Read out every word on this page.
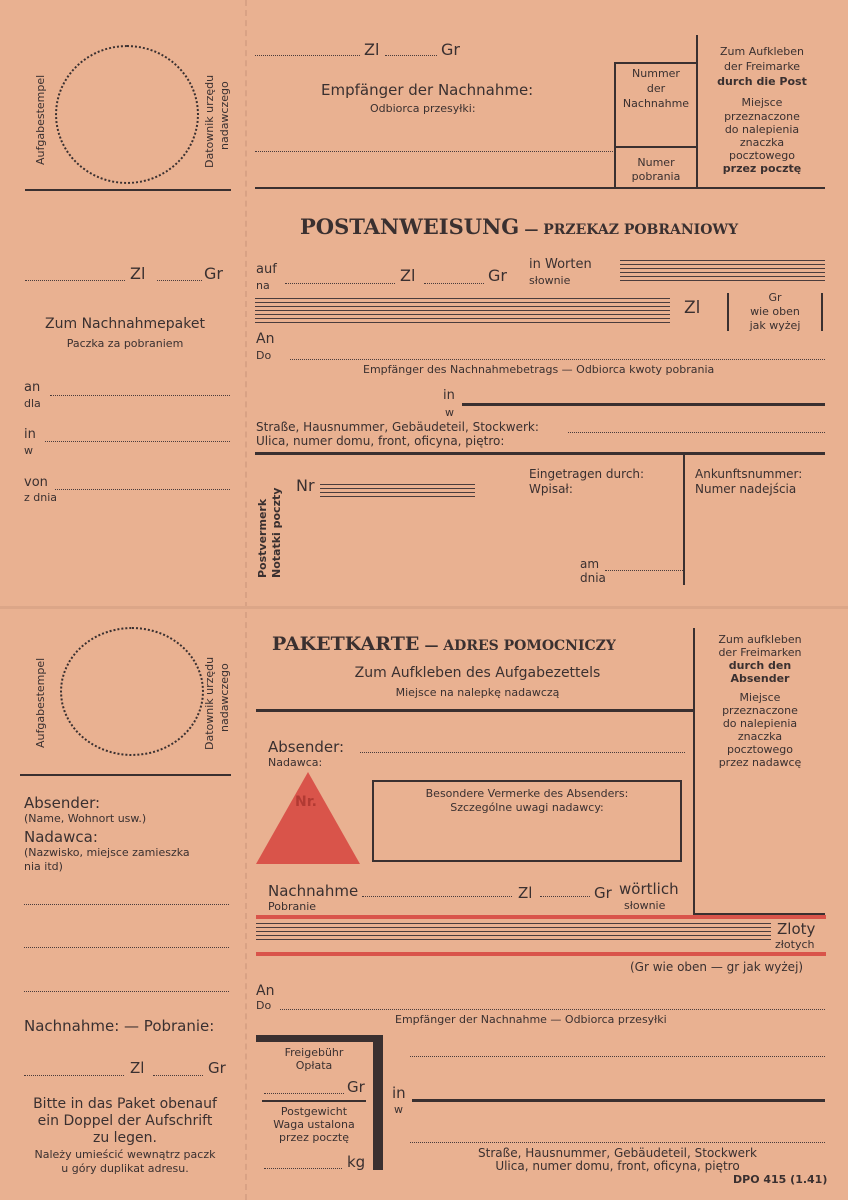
Aufgabestempel	Datownik urzędu nadawczego
Zl	Gr
Zum Nachnahmepaket
Paczka za pobraniem
an
dla
in
w
von
z dnia
Zl	Gr
Empfänger der Nachnahme:
Odbiorca przesyłki:
Nummer
der
Nachnahme
Numer
pobrania
Zum Aufkleben
der Freimarke
durch die Post
Miejsce
przeznaczone
do nalepienia
znaczka
pocztowego
przez pocztę
POSTANWEISUNG — PRZEKAZ POBRANIOWY
auf
na
Zl	Gr
in Worten
słownie
Zl
Gr
wie oben
jak wyżej
An
Do
Empfänger des Nachnahmebetrags — Odbiorca kwoty pobrania
in
w
Straße, Hausnummer, Gebäudeteil, Stockwerk:
Ulica, numer domu, front, oficyna, piętro:
Postvermerk Notatki poczty
Nr
Eingetragen durch:
Wpisał:
am
dnia
Ankunftsnummer:
Numer nadejścia
Aufgabestempel	Datownik urzędu nadawczego
Absender:
(Name, Wohnort usw.)
Nadawca:
(Nazwisko, miejsce zamieszka
nia itd)
Nachnahme: — Pobranie:
Zl	Gr
Bitte in das Paket obenauf
ein Doppel der Aufschrift
zu legen.
Należy umieścić wewnątrz paczk
u góry duplikat adresu.
PAKETKARTE — ADRES POMOCNICZY
Zum Aufkleben des Aufgabezettels
Miejsce na nalepkę nadawczą
Zum aufkleben
der Freimarken
durch den
Absender
Miejsce
przeznaczone
do nalepienia
znaczka
pocztowego
przez nadawcę
Absender:
Nadawca:
Nr.
Besondere Vermerke des Absenders:
Szczególne uwagi nadawcy:
Nachnahme
Pobranie
Zl	Gr wörtlich
słownie
Zloty
złotych
(Gr wie oben — gr jak wyżej)
An
Do
Empfänger der Nachnahme — Odbiorca przesyłki
Freigebühr
Opłata
Gr
Postgewicht
Waga ustalona
przez pocztę
kg
in
w
Straße, Hausnummer, Gebäudeteil, Stockwerk
Ulica, numer domu, front, oficyna, piętro
DPO 415 (1.41)
